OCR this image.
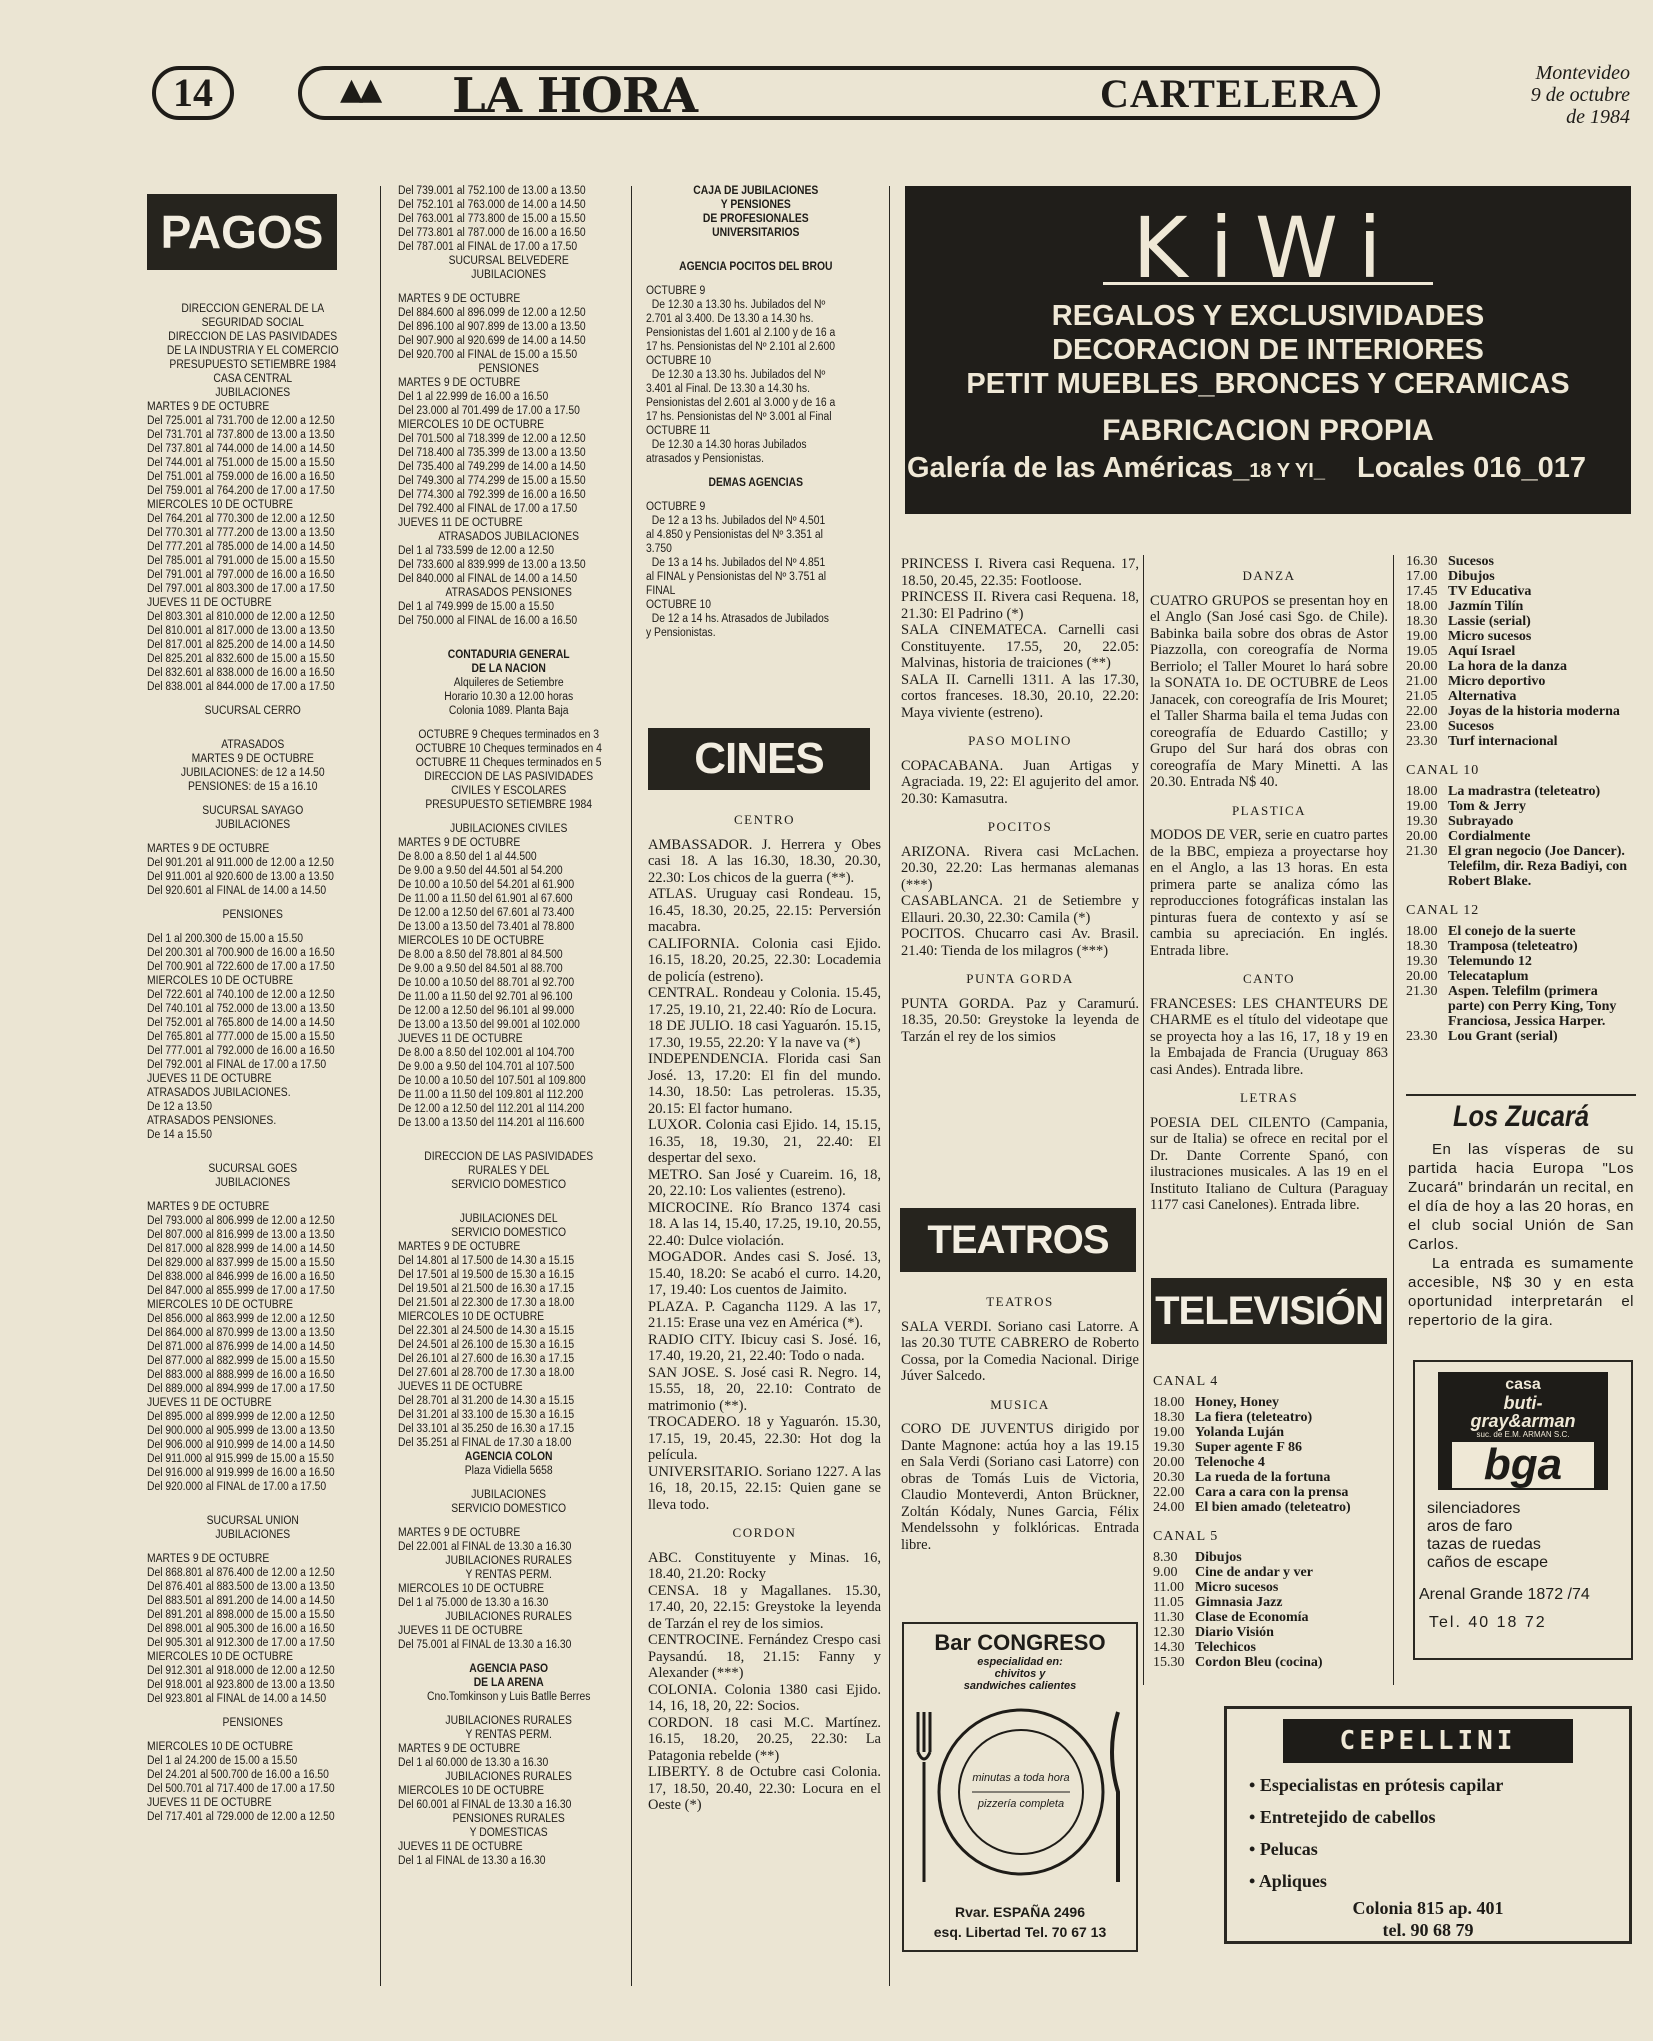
14	▲▲ LA HORA	CARTELERA	Montevideo
9 de octubre
de 1984
PAGOS

DIRECCION GENERAL DE LA

SEGURIDAD SOCIAL

DIRECCION DE LAS PASIVIDADES

DE LA INDUSTRIA Y EL COMERCIO

PRESUPUESTO SETIEMBRE 1984

CASA CENTRAL

JUBILACIONES

MARTES 9 DE OCTUBRE

Del 725.001 al 731.700 de 12.00 a 12.50

Del 731.701 al 737.800 de 13.00 a 13.50

Del 737.801 al 744.000 de 14.00 a 14.50

Del 744.001 al 751.000 de 15.00 a 15.50

Del 751.001 al 759.000 de 16.00 a 16.50

Del 759.001 al 764.200 de 17.00 a 17.50

MIERCOLES 10 DE OCTUBRE

Del 764.201 al 770.300 de 12.00 a 12.50

Del 770.301 al 777.200 de 13.00 a 13.50

Del 777.201 al 785.000 de 14.00 a 14.50

Del 785.001 al 791.000 de 15.00 a 15.50

Del 791.001 al 797.000 de 16.00 a 16.50

Del 797.001 al 803.300 de 17.00 a 17.50

JUEVES 11 DE OCTUBRE

Del 803.301 al 810.000 de 12.00 a 12.50

Del 810.001 al 817.000 de 13.00 a 13.50

Del 817.001 al 825.200 de 14.00 a 14.50

Del 825.201 al 832.600 de 15.00 a 15.50

Del 832.601 al 838.000 de 16.00 a 16.50

Del 838.001 al 844.000 de 17.00 a 17.50

SUCURSAL CERRO

ATRASADOS

MARTES 9 DE OCTUBRE

JUBILACIONES: de 12 a 14.50

PENSIONES: de 15 a 16.10

SUCURSAL SAYAGO

JUBILACIONES

MARTES 9 DE OCTUBRE

Del 901.201 al 911.000 de 12.00 a 12.50

Del 911.001 al 920.600 de 13.00 a 13.50

Del 920.601 al FINAL de 14.00 a 14.50

PENSIONES

Del 1 al 200.300 de 15.00 a 15.50

Del 200.301 al 700.900 de 16.00 a 16.50

Del 700.901 al 722.600 de 17.00 a 17.50

MIERCOLES 10 DE OCTUBRE

Del 722.601 al 740.100 de 12.00 a 12.50

Del 740.101 al 752.000 de 13.00 a 13.50

Del 752.001 al 765.800 de 14.00 a 14.50

Del 765.801 al 777.000 de 15.00 a 15.50

Del 777.001 al 792.000 de 16.00 a 16.50

Del 792.001 al FINAL de 17.00 a 17.50

JUEVES 11 DE OCTUBRE

ATRASADOS JUBILACIONES.

De 12 a 13.50

ATRASADOS PENSIONES.

De 14 a 15.50

SUCURSAL GOES

JUBILACIONES

MARTES 9 DE OCTUBRE

Del 793.000 al 806.999 de 12.00 a 12.50

Del 807.000 al 816.999 de 13.00 a 13.50

Del 817.000 al 828.999 de 14.00 a 14.50

Del 829.000 al 837.999 de 15.00 a 15.50

Del 838.000 al 846.999 de 16.00 a 16.50

Del 847.000 al 855.999 de 17.00 a 17.50

MIERCOLES 10 DE OCTUBRE

Del 856.000 al 863.999 de 12.00 a 12.50

Del 864.000 al 870.999 de 13.00 a 13.50

Del 871.000 al 876.999 de 14.00 a 14.50

Del 877.000 al 882.999 de 15.00 a 15.50

Del 883.000 al 888.999 de 16.00 a 16.50

Del 889.000 al 894.999 de 17.00 a 17.50

JUEVES 11 DE OCTUBRE

Del 895.000 al 899.999 de 12.00 a 12.50

Del 900.000 al 905.999 de 13.00 a 13.50

Del 906.000 al 910.999 de 14.00 a 14.50

Del 911.000 al 915.999 de 15.00 a 15.50

Del 916.000 al 919.999 de 16.00 a 16.50

Del 920.000 al FINAL de 17.00 a 17.50

SUCURSAL UNION

JUBILACIONES

MARTES 9 DE OCTUBRE

Del 868.801 al 876.400 de 12.00 a 12.50

Del 876.401 al 883.500 de 13.00 a 13.50

Del 883.501 al 891.200 de 14.00 a 14.50

Del 891.201 al 898.000 de 15.00 a 15.50

Del 898.001 al 905.300 de 16.00 a 16.50

Del 905.301 al 912.300 de 17.00 a 17.50

MIERCOLES 10 DE OCTUBRE

Del 912.301 al 918.000 de 12.00 a 12.50

Del 918.001 al 923.800 de 13.00 a 13.50

Del 923.801 al FINAL de 14.00 a 14.50

PENSIONES

MIERCOLES 10 DE OCTUBRE

Del 1 al 24.200 de 15.00 a 15.50

Del 24.201 al 500.700 de 16.00 a 16.50

Del 500.701 al 717.400 de 17.00 a 17.50

JUEVES 11 DE OCTUBRE

Del 717.401 al 729.000 de 12.00 a 12.50

Del 739.001 al 752.100 de 13.00 a 13.50

Del 752.101 al 763.000 de 14.00 a 14.50

Del 763.001 al 773.800 de 15.00 a 15.50

Del 773.801 al 787.000 de 16.00 a 16.50

Del 787.001 al FINAL de 17.00 a 17.50

SUCURSAL BELVEDERE

JUBILACIONES

MARTES 9 DE OCTUBRE

Del 884.600 al 896.099 de 12.00 a 12.50

Del 896.100 al 907.899 de 13.00 a 13.50

Del 907.900 al 920.699 de 14.00 a 14.50

Del 920.700 al FINAL de 15.00 a 15.50

PENSIONES

MARTES 9 DE OCTUBRE

Del 1 al 22.999 de 16.00 a 16.50

Del 23.000 al 701.499 de 17.00 a 17.50

MIERCOLES 10 DE OCTUBRE

Del 701.500 al 718.399 de 12.00 a 12.50

Del 718.400 al 735.399 de 13.00 a 13.50

Del 735.400 al 749.299 de 14.00 a 14.50

Del 749.300 al 774.299 de 15.00 a 15.50

Del 774.300 al 792.399 de 16.00 a 16.50

Del 792.400 al FINAL de 17.00 a 17.50

JUEVES 11 DE OCTUBRE

ATRASADOS JUBILACIONES

Del 1 al 733.599 de 12.00 a 12.50

Del 733.600 al 839.999 de 13.00 a 13.50

Del 840.000 al FINAL de 14.00 a 14.50

ATRASADOS PENSIONES

Del 1 al 749.999 de 15.00 a 15.50

Del 750.000 al FINAL de 16.00 a 16.50

CONTADURIA GENERAL

DE LA NACION

Alquileres de Setiembre

Horario 10.30 a 12.00 horas

Colonia 1089. Planta Baja

OCTUBRE 9 Cheques terminados en 3

OCTUBRE 10 Cheques terminados en 4

OCTUBRE 11 Cheques terminados en 5

DIRECCION DE LAS PASIVIDADES

CIVILES Y ESCOLARES

PRESUPUESTO SETIEMBRE 1984

JUBILACIONES CIVILES

MARTES 9 DE OCTUBRE

De 8.00 a 8.50 del 1 al 44.500

De 9.00 a 9.50 del 44.501 al 54.200

De 10.00 a 10.50 del 54.201 al 61.900

De 11.00 a 11.50 del 61.901 al 67.600

De 12.00 a 12.50 del 67.601 al 73.400

De 13.00 a 13.50 del 73.401 al 78.800

MIERCOLES 10 DE OCTUBRE

De 8.00 a 8.50 del 78.801 al 84.500

De 9.00 a 9.50 del 84.501 al 88.700

De 10.00 a 10.50 del 88.701 al 92.700

De 11.00 a 11.50 del 92.701 al 96.100

De 12.00 a 12.50 del 96.101 al 99.000

De 13.00 a 13.50 del 99.001 al 102.000

JUEVES 11 DE OCTUBRE

De 8.00 a 8.50 del 102.001 al 104.700

De 9.00 a 9.50 del 104.701 al 107.500

De 10.00 a 10.50 del 107.501 al 109.800

De 11.00 a 11.50 del 109.801 al 112.200

De 12.00 a 12.50 del 112.201 al 114.200

De 13.00 a 13.50 del 114.201 al 116.600

DIRECCION DE LAS PASIVIDADES

RURALES Y DEL

SERVICIO DOMESTICO

JUBILACIONES DEL

SERVICIO DOMESTICO

MARTES 9 DE OCTUBRE

Del 14.801 al 17.500 de 14.30 a 15.15

Del 17.501 al 19.500 de 15.30 a 16.15

Del 19.501 al 21.500 de 16.30 a 17.15

Del 21.501 al 22.300 de 17.30 a 18.00

MIERCOLES 10 DE OCTUBRE

Del 22.301 al 24.500 de 14.30 a 15.15

Del 24.501 al 26.100 de 15.30 a 16.15

Del 26.101 al 27.600 de 16.30 a 17.15

Del 27.601 al 28.700 de 17.30 a 18.00

JUEVES 11 DE OCTUBRE

Del 28.701 al 31.200 de 14.30 a 15.15

Del 31.201 al 33.100 de 15.30 a 16.15

Del 33.101 al 35.250 de 16.30 a 17.15

Del 35.251 al FINAL de 17.30 a 18.00

AGENCIA COLON

Plaza Vidiella 5658

JUBILACIONES

SERVICIO DOMESTICO

MARTES 9 DE OCTUBRE

Del 22.001 al FINAL de 13.30 a 16.30

JUBILACIONES RURALES

Y RENTAS PERM.

MIERCOLES 10 DE OCTUBRE

Del 1 al 75.000 de 13.30 a 16.30

JUBILACIONES RURALES

JUEVES 11 DE OCTUBRE

Del 75.001 al FINAL de 13.30 a 16.30

AGENCIA PASO

DE LA ARENA

Cno.Tomkinson y Luis Batlle Berres

JUBILACIONES RURALES

Y RENTAS PERM.

MARTES 9 DE OCTUBRE

Del 1 al 60.000 de 13.30 a 16.30

JUBILACIONES RURALES

MIERCOLES 10 DE OCTUBRE

Del 60.001 al FINAL de 13.30 a 16.30

PENSIONES RURALES

Y DOMESTICAS

JUEVES 11 DE OCTUBRE

Del 1 al FINAL de 13.30 a 16.30

CAJA DE JUBILACIONES

Y PENSIONES

DE PROFESIONALES

UNIVERSITARIOS

AGENCIA POCITOS DEL BROU

OCTUBRE 9

De 12.30 a 13.30 hs. Jubilados del Nº

2.701 al 3.400. De 13.30 a 14.30 hs.

Pensionistas del 1.601 al 2.100 y de 16 a

17 hs. Pensionistas del Nº 2.101 al 2.600

OCTUBRE 10

De 12.30 a 13.30 hs. Jubilados del Nº

3.401 al Final. De 13.30 a 14.30 hs.

Pensionistas del 2.601 al 3.000 y de 16 a

17 hs. Pensionistas del Nº 3.001 al Final

OCTUBRE 11

De 12.30 a 14.30 horas Jubilados

atrasados y Pensionistas.

DEMAS AGENCIAS

OCTUBRE 9

De 12 a 13 hs. Jubilados del Nº 4.501

al 4.850 y Pensionistas del Nº 3.351 al

3.750

De 13 a 14 hs. Jubilados del Nº 4.851

al FINAL y Pensionistas del Nº 3.751 al

FINAL

OCTUBRE 10

De 12 a 14 hs. Atrasados de Jubilados

y Pensionistas.

CINES

CENTRO

AMBASSADOR. J. Herrera y Obes casi 18. A las 16.30, 18.30, 20.30, 22.30: Los chicos de la guerra (**).

ATLAS. Uruguay casi Rondeau. 15, 16.45, 18.30, 20.25, 22.15: Perversión macabra.

CALIFORNIA. Colonia casi Ejido. 16.15, 18.20, 20.25, 22.30: Locademia de policía (estreno).

CENTRAL. Rondeau y Colonia. 15.45, 17.25, 19.10, 21, 22.40: Río de Locura.

18 DE JULIO. 18 casi Yaguarón. 15.15, 17.30, 19.55, 22.20: Y la nave va (*)

INDEPENDENCIA. Florida casi San José. 13, 17.20: El fin del mundo. 14.30, 18.50: Las petroleras. 15.35, 20.15: El factor humano.

LUXOR. Colonia casi Ejido. 14, 15.15, 16.35, 18, 19.30, 21, 22.40: El despertar del sexo.

METRO. San José y Cuareim. 16, 18, 20, 22.10: Los valientes (estreno).

MICROCINE. Río Branco 1374 casi 18. A las 14, 15.40, 17.25, 19.10, 20.55, 22.40: Dulce violación.

MOGADOR. Andes casi S. José. 13, 15.40, 18.20: Se acabó el curro. 14.20, 17, 19.40: Los cuentos de Jaimito.

PLAZA. P. Cagancha 1129. A las 17, 21.15: Erase una vez en América (*).

RADIO CITY. Ibicuy casi S. José. 16, 17.40, 19.20, 21, 22.40: Todo o nada.

SAN JOSE. S. José casi R. Negro. 14, 15.55, 18, 20, 22.10: Contrato de matrimonio (**).

TROCADERO. 18 y Yaguarón. 15.30, 17.15, 19, 20.45, 22.30: Hot dog la película.

UNIVERSITARIO. Soriano 1227. A las 16, 18, 20.15, 22.15: Quien gane se lleva todo.

CORDON

ABC. Constituyente y Minas. 16, 18.40, 21.20: Rocky

CENSA. 18 y Magallanes. 15.30, 17.40, 20, 22.15: Greystoke la leyenda de Tarzán el rey de los simios.

CENTROCINE. Fernández Crespo casi Paysandú. 18, 21.15: Fanny y Alexander (***)

COLONIA. Colonia 1380 casi Ejido. 14, 16, 18, 20, 22: Socios.

CORDON. 18 casi M.C. Martínez. 16.15, 18.20, 20.25, 22.30: La Patagonia rebelde (**)

LIBERTY. 8 de Octubre casi Colonia. 17, 18.50, 20.40, 22.30: Locura en el Oeste (*)

KiWi
REGALOS Y EXCLUSIVIDADES
DECORACION DE INTERIORES
PETIT MUEBLES_BRONCES Y CERAMICAS
FABRICACION PROPIA
Galería de las Américas_18 Y YI_ Locales 016_017

PRINCESS I. Rivera casi Requena. 17, 18.50, 20.45, 22.35: Footloose.

PRINCESS II. Rivera casi Requena. 18, 21.30: El Padrino (*)

SALA CINEMATECA. Carnelli casi Constituyente. 17.55, 20, 22.05: Malvinas, historia de traiciones (**)

SALA II. Carnelli 1311. A las 17.30, cortos franceses. 18.30, 20.10, 22.20: Maya viviente (estreno).

PASO MOLINO

COPACABANA. Juan Artigas y Agraciada. 19, 22: El agujerito del amor. 20.30: Kamasutra.

POCITOS

ARIZONA. Rivera casi McLachen. 20.30, 22.20: Las hermanas alemanas (***)

CASABLANCA. 21 de Setiembre y Ellauri. 20.30, 22.30: Camila (*)

POCITOS. Chucarro casi Av. Brasil. 21.40: Tienda de los milagros (***)

PUNTA GORDA

PUNTA GORDA. Paz y Caramurú. 18.35, 20.50: Greystoke la leyenda de Tarzán el rey de los simios

TEATROS

TEATROS

SALA VERDI. Soriano casi Latorre. A las 20.30 TUTE CABRERO de Roberto Cossa, por la Comedia Nacional. Dirige Júver Salcedo.

MUSICA

CORO DE JUVENTUS dirigido por Dante Magnone: actúa hoy a las 19.15 en Sala Verdi (Soriano casi Latorre) con obras de Tomás Luis de Victoria, Claudio Monteverdi, Anton Brückner, Zoltán Kódaly, Nunes Garcia, Félix Mendelssohn y folklóricas. Entrada libre.

Bar CONGRESO
especialidad en:
chivitos y
sandwiches calientes
minutas a toda hora
pizzería completa
Rvar. ESPAÑA 2496
esq. Libertad Tel. 70 67 13

DANZA

CUATRO GRUPOS se presentan hoy en el Anglo (San José casi Sgo. de Chile). Babinka baila sobre dos obras de Astor Piazzolla, con coreografía de Norma Berriolo; el Taller Mouret lo hará sobre la SONATA 1o. DE OCTUBRE de Leos Janacek, con coreografía de Iris Mouret; el Taller Sharma baila el tema Judas con coreografía de Eduardo Castillo; y Grupo del Sur hará dos obras con coreografía de Mary Minetti. A las 20.30. Entrada N$ 40.

PLASTICA

MODOS DE VER, serie en cuatro partes de la BBC, empieza a proyectarse hoy en el Anglo, a las 13 horas. En esta primera parte se analiza cómo las reproducciones fotográficas instalan las pinturas fuera de contexto y así se cambia su apreciación. En inglés. Entrada libre.

CANTO

FRANCESES: LES CHANTEURS DE CHARME es el título del videotape que se proyecta hoy a las 16, 17, 18 y 19 en la Embajada de Francia (Uruguay 863 casi Andes). Entrada libre.

LETRAS

POESIA DEL CILENTO (Campania, sur de Italia) se ofrece en recital por el Dr. Dante Corrente Spanó, con ilustraciones musicales. A las 19 en el Instituto Italiano de Cultura (Paraguay 1177 casi Canelones). Entrada libre.

TELEVISIÓN
CANAL 4
18.00 Honey, Honey
18.30 La fiera (teleteatro)
19.00 Yolanda Luján
19.30 Super agente F 86
20.00 Telenoche 4
20.30 La rueda de la fortuna
22.00 Cara a cara con la prensa
24.00 El bien amado (teleteatro)
CANAL 5
8.30	Dibujos
9.00	Cine de andar y ver
11.00 Micro sucesos
11.05 Gimnasia Jazz
11.30 Clase de Economía
12.30 Diario Visión
14.30 Telechicos
15.30 Cordon Bleu (cocina)
16.30 Sucesos
17.00 Dibujos
17.45 TV Educativa
18.00 Jazmín Tilín
18.30 Lassie (serial)
19.00 Micro sucesos
19.05 Aquí Israel
20.00 La hora de la danza
21.00 Micro deportivo
21.05 Alternativa
22.00 Joyas de la historia moderna
23.00 Sucesos
23.30 Turf internacional
CANAL 10
18.00 La madrastra (teleteatro)
19.00 Tom & Jerry
19.30 Subrayado
20.00 Cordialmente
21.30 El gran negocio (Joe Dancer). Telefilm, dir. Reza Badiyi, con Robert Blake.
CANAL 12
18.00 El conejo de la suerte
18.30 Tramposa (teleteatro)
19.30 Telemundo 12
20.00 Telecataplum
21.30 Aspen. Telefilm (primera parte) con Perry King, Tony Franciosa, Jessica Harper.
23.30 Lou Grant (serial)
Los Zucará

En las vísperas de su partida hacia Europa "Los Zucará" brindarán un recital, en el día de hoy a las 20 horas, en el club social Unión de San Carlos.

La entrada es sumamente accesible, N$ 30 y en esta oportunidad interpretarán el repertorio de la gira.

casa
buti-
gray&arman
suc. de E.M. ARMAN S.C.
bga
silenciadores
aros de faro
tazas de ruedas
caños de escape
Arenal Grande 1872 /74
Tel. 40 18 72
CEPELLINI
• Especialistas en prótesis capilar
• Entretejido de cabellos
• Pelucas
• Apliques
Colonia 815 ap. 401
tel. 90 68 79
